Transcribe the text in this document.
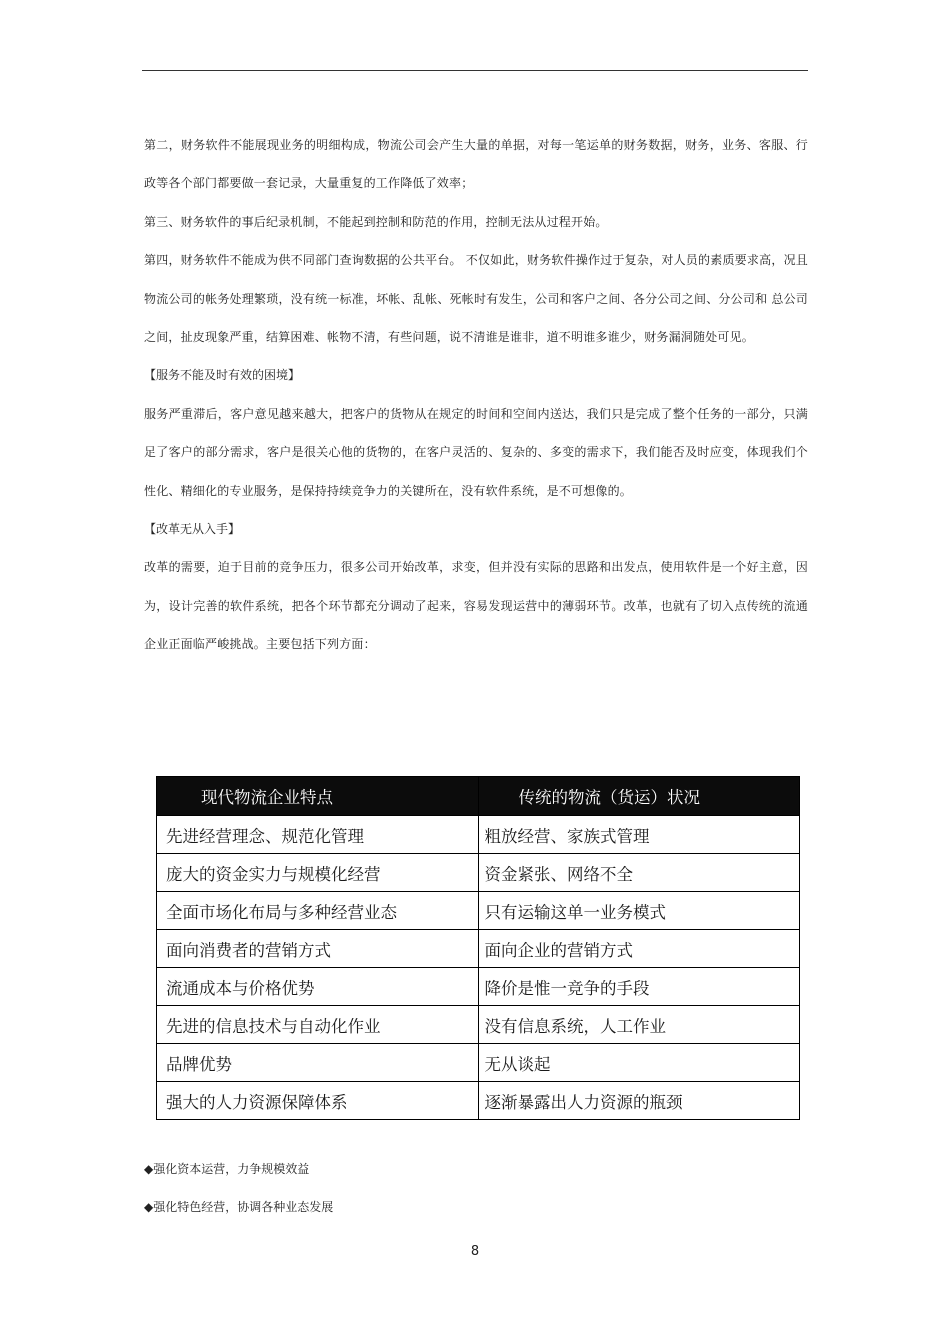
第二，财务软件不能展现业务的明细构成，物流公司会产生大量的单据，对每一笔运单的财务数据，财务，业务、客服、行政等各个部门都要做一套记录，大量重复的工作降低了效率；

第三、财务软件的事后纪录机制，不能起到控制和防范的作用，控制无法从过程开始。

第四，财务软件不能成为供不同部门查询数据的公共平台。 不仅如此，财务软件操作过于复杂，对人员的素质要求高，况且物流公司的帐务处理繁琐，没有统一标准，坏帐、乱帐、死帐时有发生，公司和客户之间、各分公司之间、分公司和 总公司之间，扯皮现象严重，结算困难、帐物不清，有些问题，说不清谁是谁非，道不明谁多谁少，财务漏洞随处可见。

【服务不能及时有效的困境】

服务严重滞后，客户意见越来越大，把客户的货物从在规定的时间和空间内送达，我们只是完成了整个任务的一部分，只满足了客户的部分需求，客户是很关心他的货物的，在客户灵活的、复杂的、多变的需求下，我们能否及时应变，体现我们个性化、精细化的专业服务，是保持持续竞争力的关键所在，没有软件系统，是不可想像的。

【改革无从入手】

改革的需要，迫于目前的竞争压力，很多公司开始改革，求变，但并没有实际的思路和出发点，使用软件是一个好主意，因为，设计完善的软件系统，把各个环节都充分调动了起来，容易发现运营中的薄弱环节。改革，也就有了切入点传统的流通企业正面临严峻挑战。主要包括下列方面：

现代物流企业特点	传统的物流（货运）状况
先进经营理念、规范化管理	粗放经营、家族式管理
庞大的资金实力与规模化经营	资金紧张、网络不全
全面市场化布局与多种经营业态	只有运输这单一业务模式
面向消费者的营销方式	面向企业的营销方式
流通成本与价格优势	降价是惟一竞争的手段
先进的信息技术与自动化作业	没有信息系统，人工作业
品牌优势	无从谈起
强大的人力资源保障体系	逐渐暴露出人力资源的瓶颈

◆强化资本运营，力争规模效益

◆强化特色经营，协调各种业态发展

8
